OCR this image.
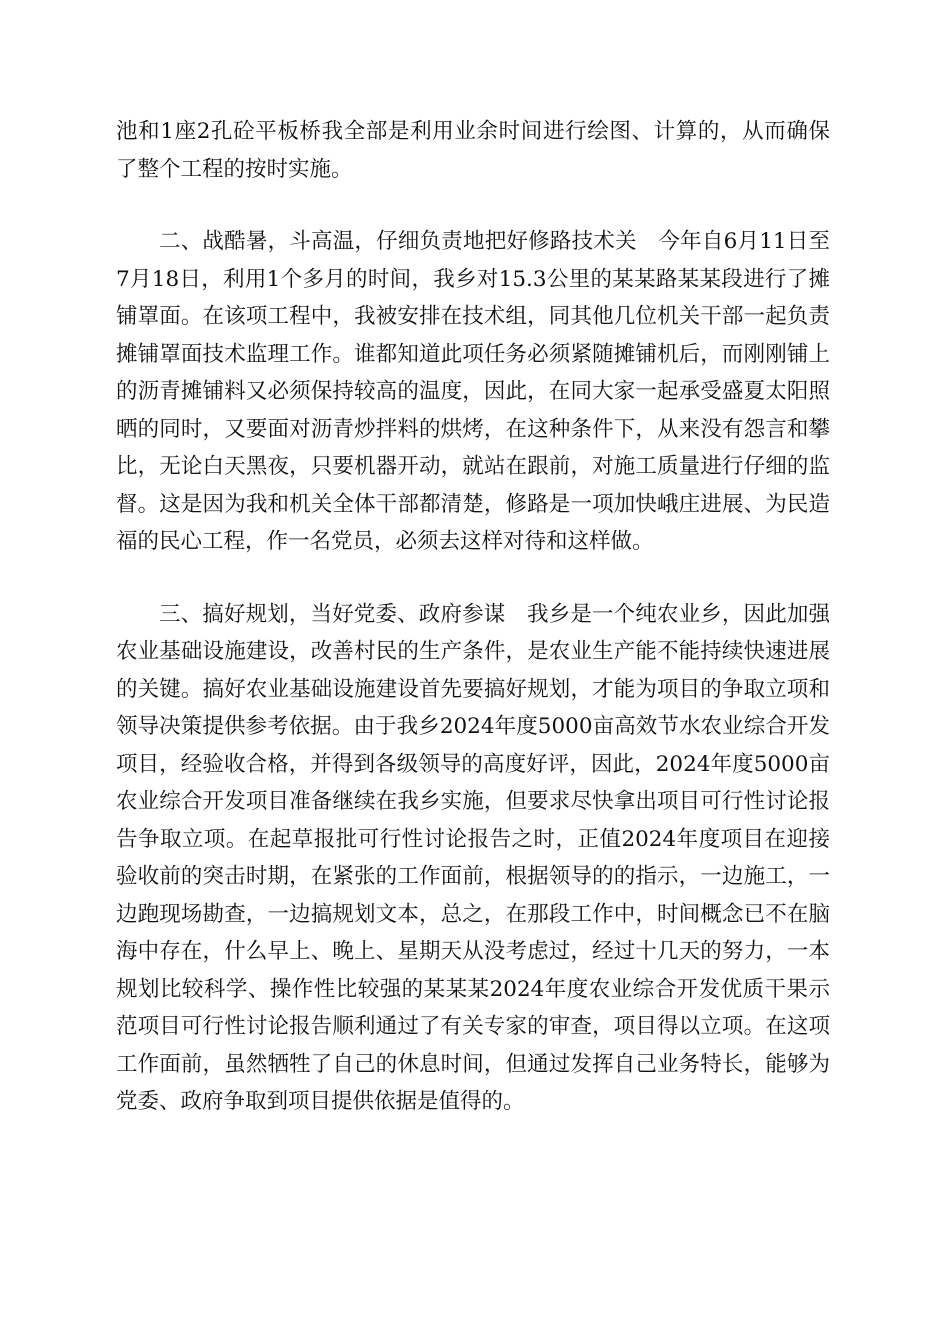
池和1座2孔砼平板桥我全部是利用业余时间进行绘图、计算的，从而确保了整个工程的按时实施。

二、战酷暑，斗高温，仔细负责地把好修路技术关　今年自6月11日至7月18日，利用1个多月的时间，我乡对15.3公里的某某路某某段进行了摊铺罩面。在该项工程中，我被安排在技术组，同其他几位机关干部一起负责摊铺罩面技术监理工作。谁都知道此项任务必须紧随摊铺机后，而刚刚铺上的沥青摊铺料又必须保持较高的温度，因此，在同大家一起承受盛夏太阳照晒的同时，又要面对沥青炒拌料的烘烤，在这种条件下，从来没有怨言和攀比，无论白天黑夜，只要机器开动，就站在跟前，对施工质量进行仔细的监督。这是因为我和机关全体干部都清楚，修路是一项加快峨庄进展、为民造福的民心工程，作一名党员，必须去这样对待和这样做。

三、搞好规划，当好党委、政府参谋　我乡是一个纯农业乡，因此加强农业基础设施建设，改善村民的生产条件，是农业生产能不能持续快速进展的关键。搞好农业基础设施建设首先要搞好规划，才能为项目的争取立项和领导决策提供参考依据。由于我乡2024年度5000亩高效节水农业综合开发项目，经验收合格，并得到各级领导的高度好评，因此，2024年度5000亩农业综合开发项目准备继续在我乡实施，但要求尽快拿出项目可行性讨论报告争取立项。在起草报批可行性讨论报告之时，正值2024年度项目在迎接验收前的突击时期，在紧张的工作面前，根据领导的的指示，一边施工，一边跑现场勘查，一边搞规划文本，总之，在那段工作中，时间概念已不在脑海中存在，什么早上、晚上、星期天从没考虑过，经过十几天的努力，一本规划比较科学、操作性比较强的某某某2024年度农业综合开发优质干果示范项目可行性讨论报告顺利通过了有关专家的审查，项目得以立项。在这项工作面前，虽然牺牲了自己的休息时间，但通过发挥自己业务特长，能够为党委、政府争取到项目提供依据是值得的。
